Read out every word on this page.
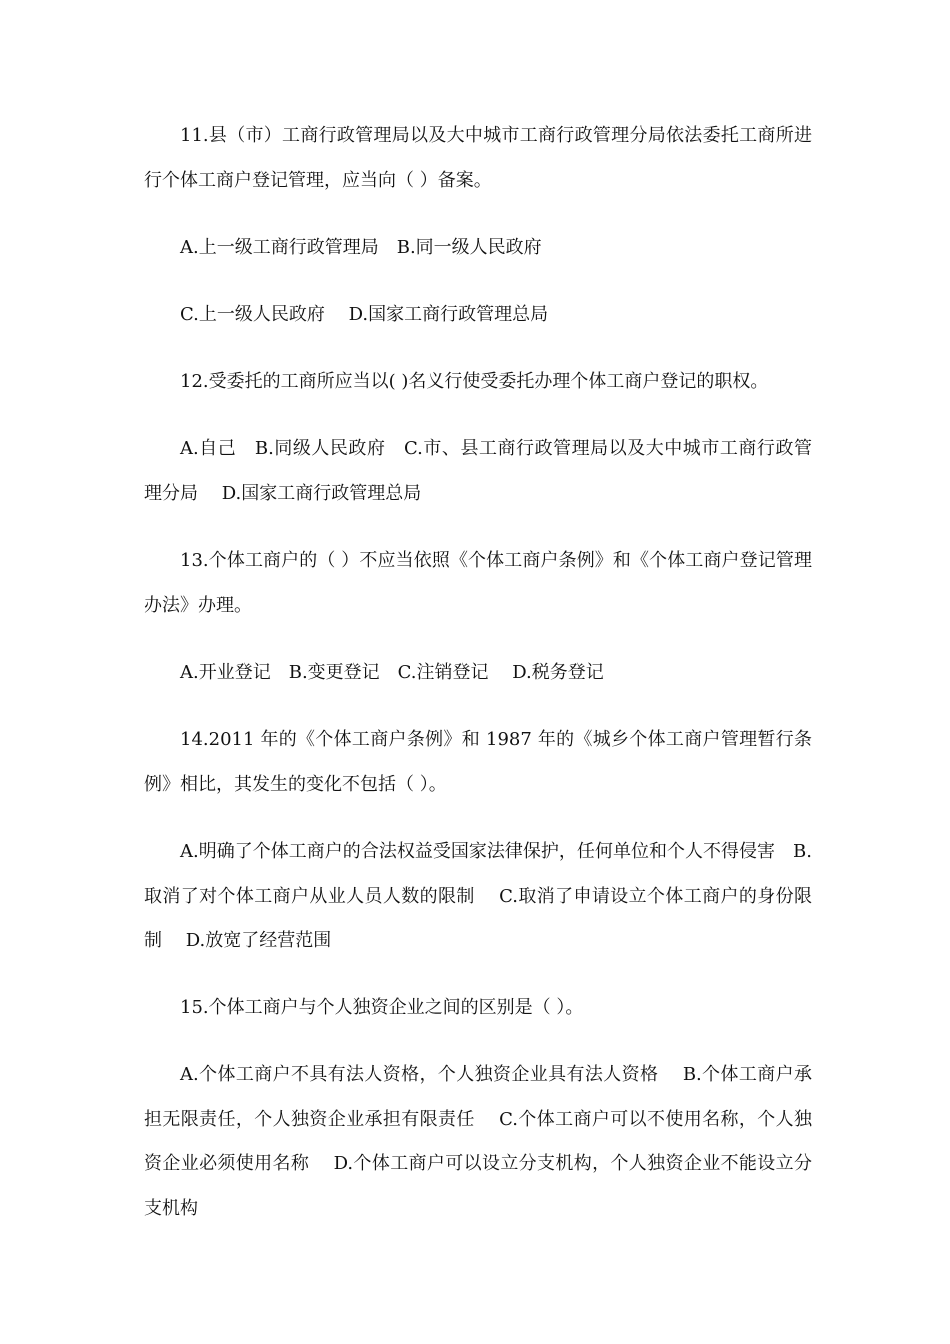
11.县（市）工商行政管理局以及大中城市工商行政管理分局依法委托工商所进行个体工商户登记管理，应当向（ ）备案。

A.上一级工商行政管理局　B.同一级人民政府

C.上一级人民政府　 D.国家工商行政管理总局

12.受委托的工商所应当以( )名义行使受委托办理个体工商户登记的职权。

A.自己　B.同级人民政府　C.市、县工商行政管理局以及大中城市工商行政管理分局　 D.国家工商行政管理总局

13.个体工商户的（ ）不应当依照《个体工商户条例》和《个体工商户登记管理办法》办理。

A.开业登记　B.变更登记　C.注销登记　 D.税务登记

14.2011 年的《个体工商户条例》和 1987 年的《城乡个体工商户管理暂行条例》相比，其发生的变化不包括（ ）。

A.明确了个体工商户的合法权益受国家法律保护，任何单位和个人不得侵害　B.取消了对个体工商户从业人员人数的限制　 C.取消了申请设立个体工商户的身份限制　 D.放宽了经营范围

15.个体工商户与个人独资企业之间的区别是（ ）。

A.个体工商户不具有法人资格，个人独资企业具有法人资格　 B.个体工商户承担无限责任，个人独资企业承担有限责任　 C.个体工商户可以不使用名称，个人独资企业必须使用名称　 D.个体工商户可以设立分支机构，个人独资企业不能设立分支机构
